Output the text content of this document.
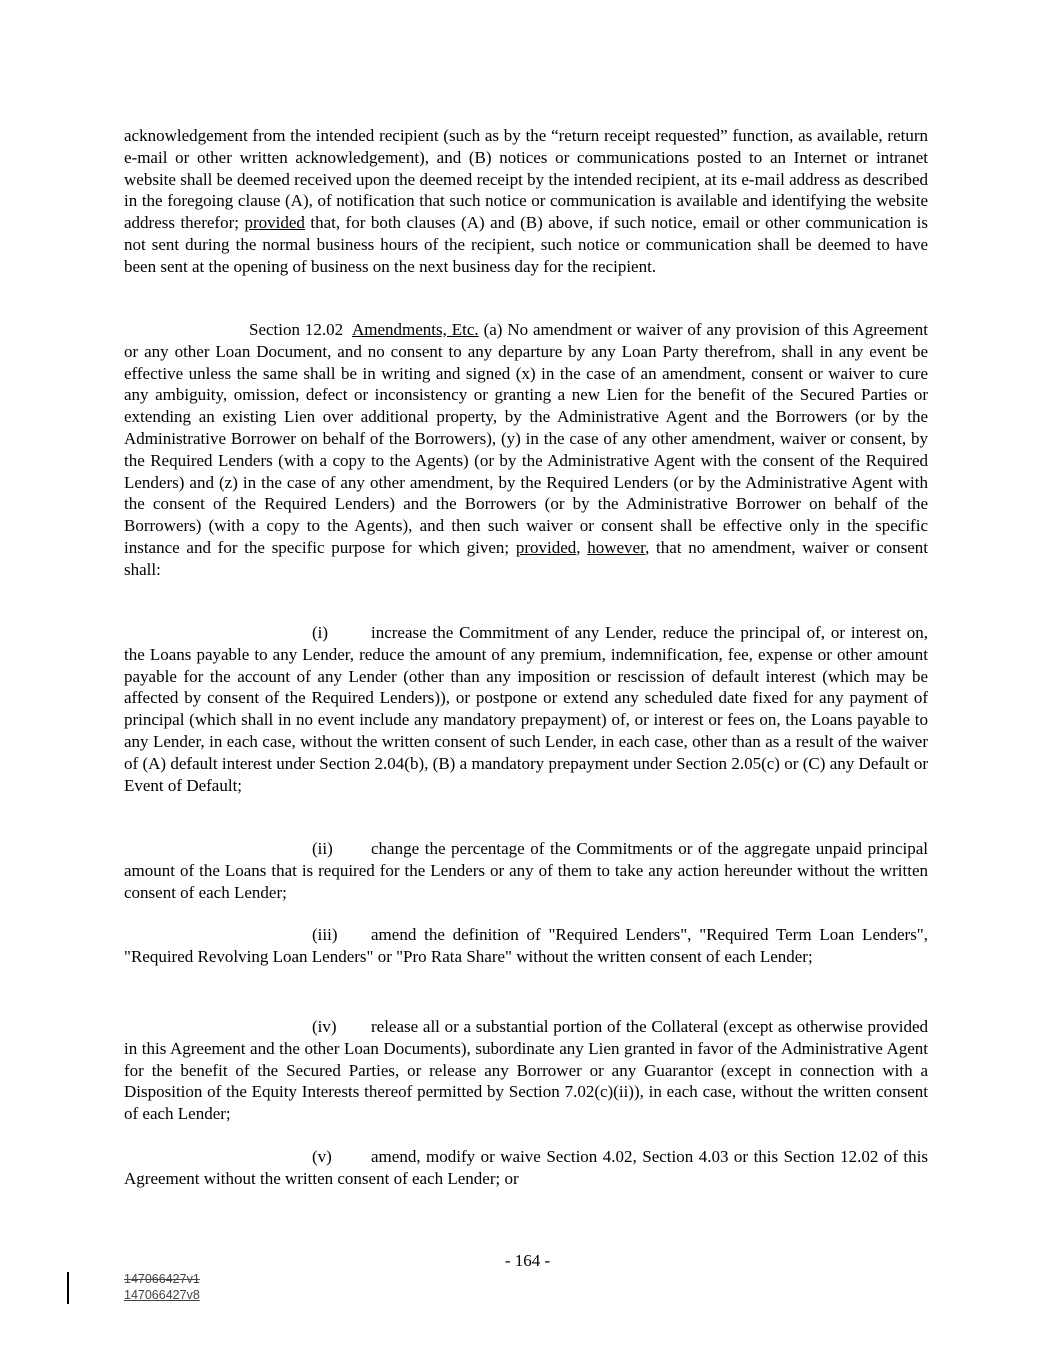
acknowledgement from the intended recipient (such as by the “return receipt requested” function, as available, return e-mail or other written acknowledgement), and (B) notices or communications posted to an Internet or intranet website shall be deemed received upon the deemed receipt by the intended recipient, at its e-mail address as described in the foregoing clause (A), of notification that such notice or communication is available and identifying the website address therefor; provided that, for both clauses (A) and (B) above, if such notice, email or other communication is not sent during the normal business hours of the recipient, such notice or communication shall be deemed to have been sent at the opening of business on the next business day for the recipient.

Section 12.02 Amendments, Etc. (a) No amendment or waiver of any provision of this Agreement or any other Loan Document, and no consent to any departure by any Loan Party therefrom, shall in any event be effective unless the same shall be in writing and signed (x) in the case of an amendment, consent or waiver to cure any ambiguity, omission, defect or inconsistency or granting a new Lien for the benefit of the Secured Parties or extending an existing Lien over additional property, by the Administrative Agent and the Borrowers (or by the Administrative Borrower on behalf of the Borrowers), (y) in the case of any other amendment, waiver or consent, by the Required Lenders (with a copy to the Agents) (or by the Administrative Agent with the consent of the Required Lenders) and (z) in the case of any other amendment, by the Required Lenders (or by the Administrative Agent with the consent of the Required Lenders) and the Borrowers (or by the Administrative Borrower on behalf of the Borrowers) (with a copy to the Agents), and then such waiver or consent shall be effective only in the specific instance and for the specific purpose for which given; provided, however, that no amendment, waiver or consent shall:

(i)	increase the Commitment of any Lender, reduce the principal of, or interest on, the Loans payable to any Lender, reduce the amount of any premium, indemnification, fee, expense or other amount payable for the account of any Lender (other than any imposition or rescission of default interest (which may be affected by consent of the Required Lenders)), or postpone or extend any scheduled date fixed for any payment of principal (which shall in no event include any mandatory prepayment) of, or interest or fees on, the Loans payable to any Lender, in each case, without the written consent of such Lender, in each case, other than as a result of the waiver of (A) default interest under Section 2.04(b), (B) a mandatory prepayment under Section 2.05(c) or (C) any Default or Event of Default;

(ii) change the percentage of the Commitments or of the aggregate unpaid principal amount of the Loans that is required for the Lenders or any of them to take any action hereunder without the written consent of each Lender;

(iii) amend the definition of "Required Lenders", "Required Term Loan Lenders", "Required Revolving Loan Lenders" or "Pro Rata Share" without the written consent of each Lender;

(iv) release all or a substantial portion of the Collateral (except as otherwise provided in this Agreement and the other Loan Documents), subordinate any Lien granted in favor of the Administrative Agent for the benefit of the Secured Parties, or release any Borrower or any Guarantor (except in connection with a Disposition of the Equity Interests thereof permitted by Section 7.02(c)(ii)), in each case, without the written consent of each Lender;

(v) amend, modify or waive Section 4.02, Section 4.03 or this Section 12.02 of this Agreement without the written consent of each Lender; or

- 164 -
147066427v1
147066427v8
